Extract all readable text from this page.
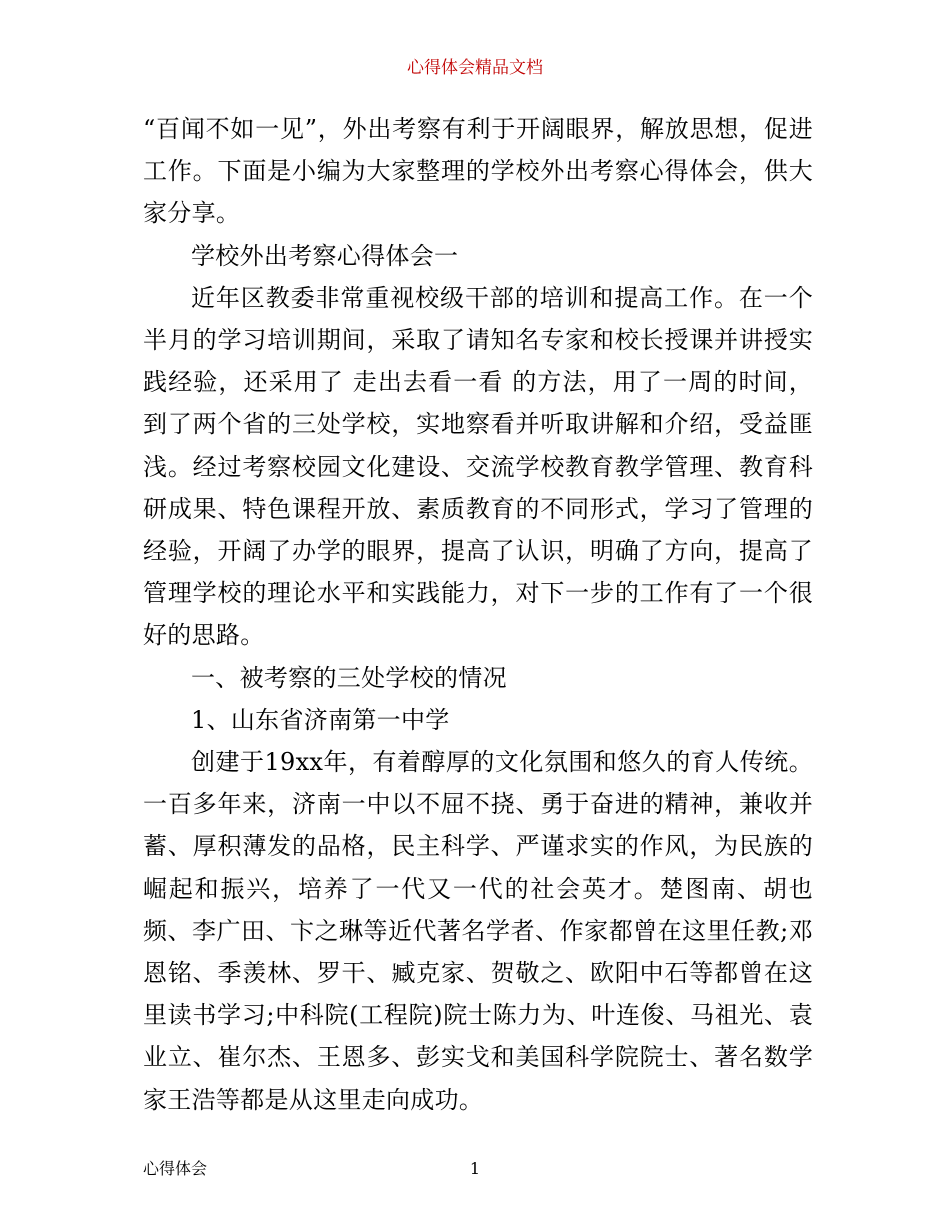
心得体会精品文档

“百闻不如一见”，外出考察有利于开阔眼界，解放思想，促进工作。下面是小编为大家整理的学校外出考察心得体会，供大家分享。

学校外出考察心得体会一

近年区教委非常重视校级干部的培训和提高工作。在一个半月的学习培训期间，采取了请知名专家和校长授课并讲授实践经验，还采用了 走出去看一看 的方法，用了一周的时间，到了两个省的三处学校，实地察看并听取讲解和介绍，受益匪浅。经过考察校园文化建设、交流学校教育教学管理、教育科研成果、特色课程开放、素质教育的不同形式，学习了管理的经验，开阔了办学的眼界，提高了认识，明确了方向，提高了管理学校的理论水平和实践能力，对下一步的工作有了一个很好的思路。

一、被考察的三处学校的情况

1、山东省济南第一中学

创建于19xx年，有着醇厚的文化氛围和悠久的育人传统。一百多年来，济南一中以不屈不挠、勇于奋进的精神，兼收并蓄、厚积薄发的品格，民主科学、严谨求实的作风，为民族的崛起和振兴，培养了一代又一代的社会英才。楚图南、胡也频、李广田、卞之琳等近代著名学者、作家都曾在这里任教;邓恩铭、季羡林、罗干、臧克家、贺敬之、欧阳中石等都曾在这里读书学习;中科院(工程院)院士陈力为、叶连俊、马祖光、袁业立、崔尔杰、王恩多、彭实戈和美国科学院院士、著名数学家王浩等都是从这里走向成功。

心得体会	1
